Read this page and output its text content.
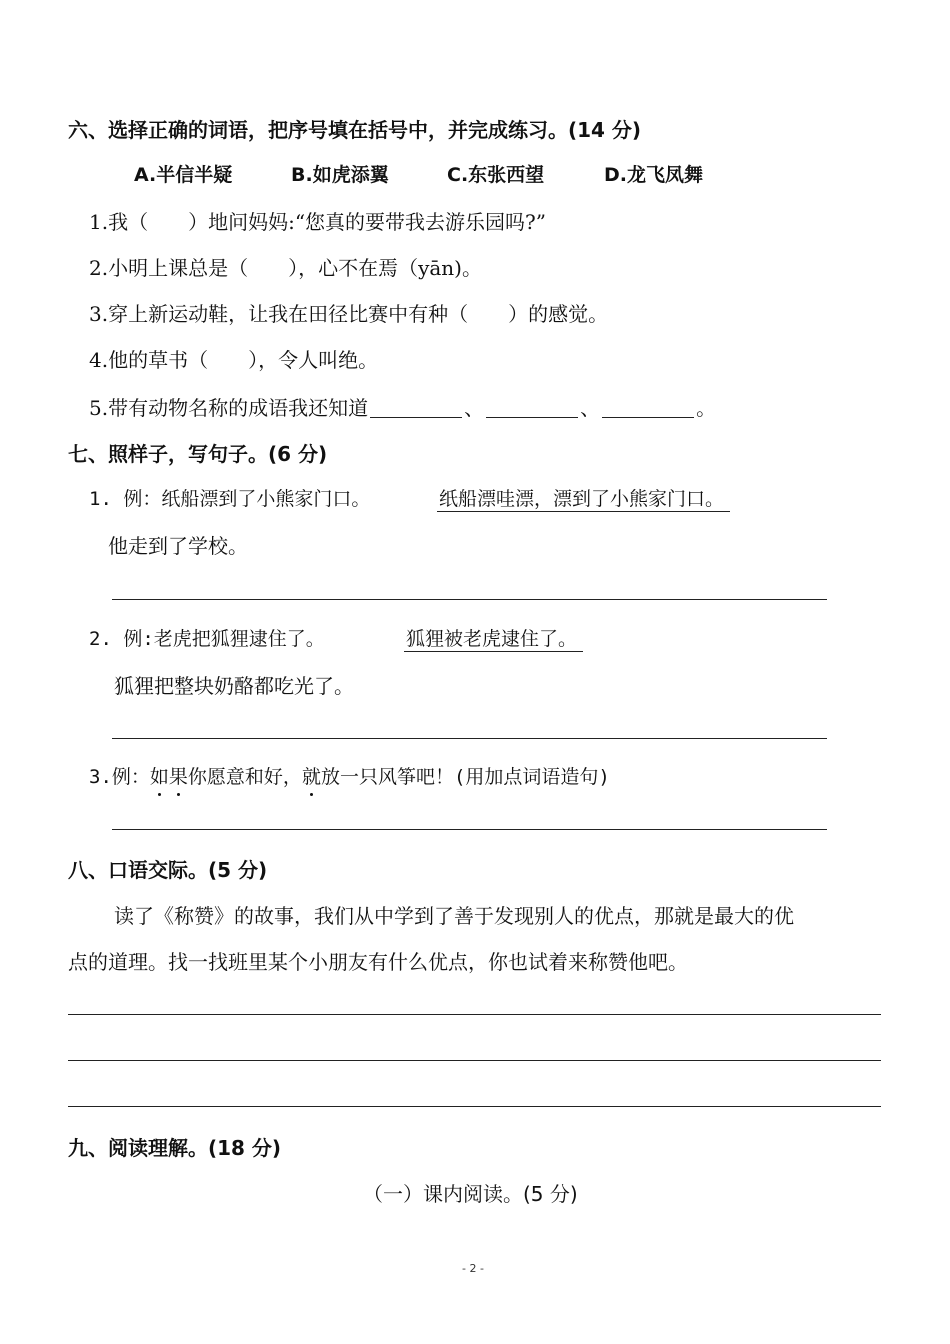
六、选择正确的词语，把序号填在括号中，并完成练习。(14 分)
A.半信半疑	B.如虎添翼	C.东张西望	D.龙飞凤舞
1.我（　　）地问妈妈:“您真的要带我去游乐园吗?”
2.小明上课总是（　　），心不在焉（yān)。
3.穿上新运动鞋，让我在田径比赛中有种（　　）的感觉。
4.他的草书（　　），令人叫绝。
5.带有动物名称的成语我还知道	、	、	。
七、照样子，写句子。(6 分)
1. 例：纸船漂到了小熊家门口。	纸船漂哇漂，漂到了小熊家门口。
他走到了学校。
2. 例:老虎把狐狸逮住了。	狐狸被老虎逮住了。
狐狸把整块奶酪都吃光了。
3.例：如果你愿意和好，就放一只风筝吧！(用加点词语造句)
八、口语交际。(5 分)
读了《称赞》的故事，我们从中学到了善于发现别人的优点，那就是最大的优
点的道理。找一找班里某个小朋友有什么优点，你也试着来称赞他吧。
九、阅读理解。(18 分)
（一）课内阅读。(5 分)
- 2 -
